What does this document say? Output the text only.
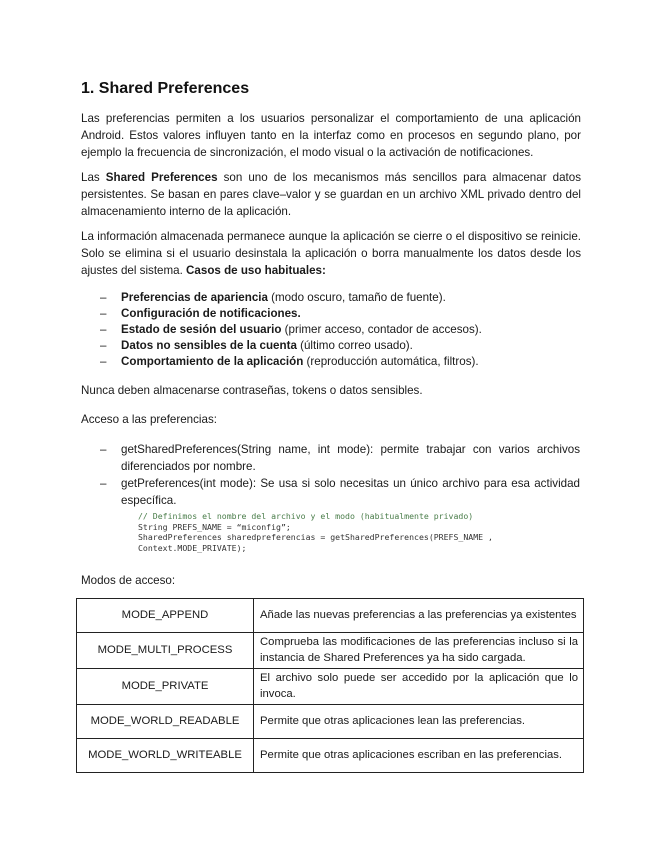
1. Shared Preferences

Las preferencias permiten a los usuarios personalizar el comportamiento de una aplicación Android. Estos valores influyen tanto en la interfaz como en procesos en segundo plano, por ejemplo la frecuencia de sincronización, el modo visual o la activación de notificaciones.

Las Shared Preferences son uno de los mecanismos más sencillos para almacenar datos persistentes. Se basan en pares clave–valor y se guardan en un archivo XML privado dentro del almacenamiento interno de la aplicación.

La información almacenada permanece aunque la aplicación se cierre o el dispositivo se reinicie. Solo se elimina si el usuario desinstala la aplicación o borra manualmente los datos desde los ajustes del sistema. Casos de uso habituales:

– Preferencias de apariencia (modo oscuro, tamaño de fuente).
– Configuración de notificaciones.
– Estado de sesión del usuario (primer acceso, contador de accesos).
– Datos no sensibles de la cuenta (último correo usado).
– Comportamiento de la aplicación (reproducción automática, filtros).

Nunca deben almacenarse contraseñas, tokens o datos sensibles.

Acceso a las preferencias:

– getSharedPreferences(String name, int mode): permite trabajar con varios archivos diferenciados por nombre.
– getPreferences(int mode): Se usa si solo necesitas un único archivo para esa actividad específica.
// Definimos el nombre del archivo y el modo (habitualmente privado)
String PREFS_NAME = “miconfig”;
SharedPreferences sharedpreferencias = getSharedPreferences(PREFS_NAME ,
Context.MODE_PRIVATE);

Modos de acceso:

MODE_APPEND	Añade las nuevas preferencias a las preferencias ya existentes
MODE_MULTI_PROCESS	Comprueba las modificaciones de las preferencias incluso si la instancia de Shared Preferences ya ha sido cargada.
MODE_PRIVATE	El archivo solo puede ser accedido por la aplicación que lo invoca.
MODE_WORLD_READABLE	Permite que otras aplicaciones lean las preferencias.
MODE_WORLD_WRITEABLE	Permite que otras aplicaciones escriban en las preferencias.
